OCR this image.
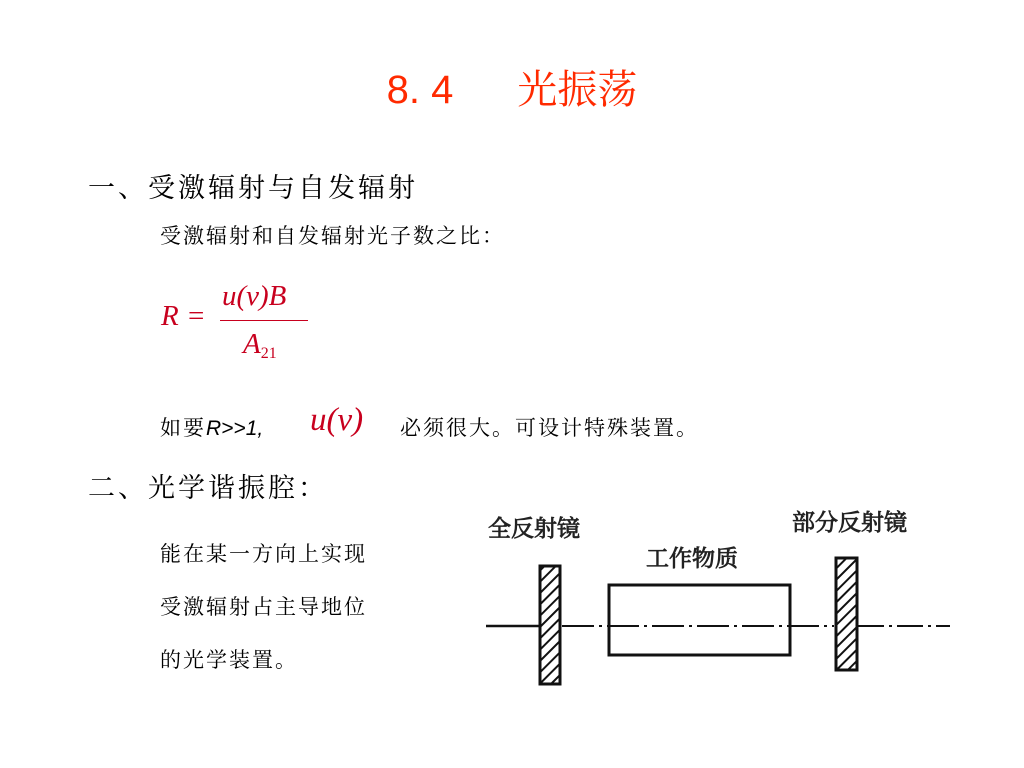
8. 4 光振荡
一、受激辐射与自发辐射
受激辐射和自发辐射光子数之比：
R =
u(ν)B
$A_{21}$
如要R>>1, u(ν) 必须很大。可设计特殊装置。
二、光学谐振腔：
能在某一方向上实现
受激辐射占主导地位
的光学装置。
全反射镜
工作物质
部分反射镜
